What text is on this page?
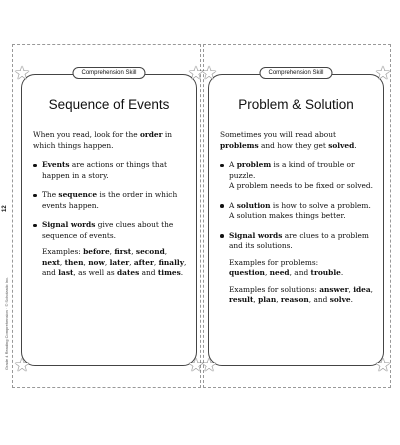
12
Grade 4 Reading Comprehension · © Scholastic Inc.
Comprehension Skill
★	★
★	★
Sequence of Events

When you read, look for the order in which things happen.

Events are actions or things that happen in a story.
The sequence is the order in which events happen.
Signal words give clues about the sequence of events.

Examples: before, first, second, next, then, now, later, after, finally, and last, as well as dates and times.

Comprehension Skill
★	★
★	★
Problem & Solution

Sometimes you will read about problems and how they get solved.

A problem is a kind of trouble or puzzle.
A problem needs to be fixed or solved.
A solution is how to solve a problem.
A solution makes things better.
Signal words are clues to a problem and its solutions.

Examples for problems:
question, need, and trouble.

Examples for solutions: answer, idea, result, plan, reason, and solve.
